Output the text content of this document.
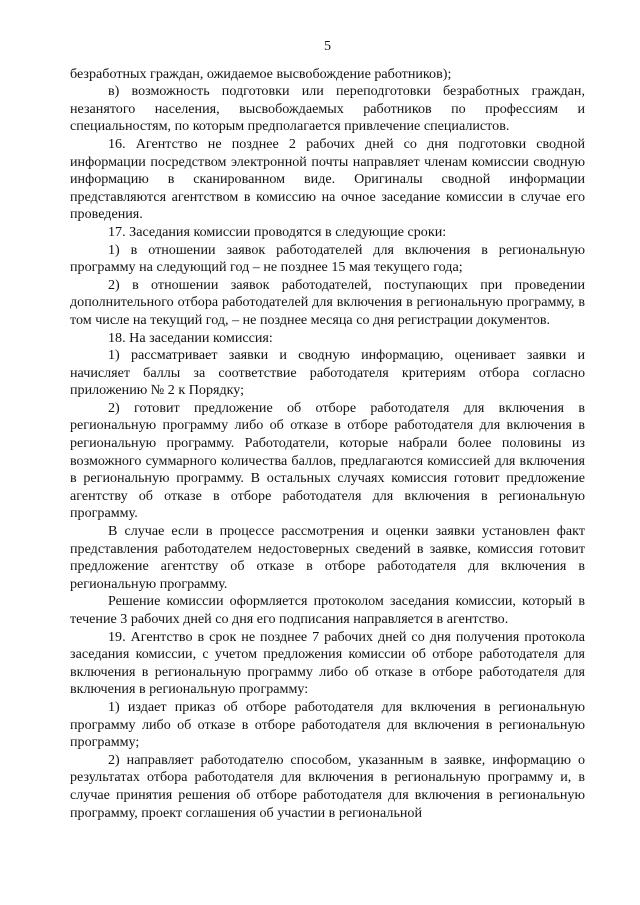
5

безработных граждан, ожидаемое высвобождение работников);

в) возможность подготовки или переподготовки безработных граждан, незанятого населения, высвобождаемых работников по профессиям и специальностям, по которым предполагается привлечение специалистов.

16. Агентство не позднее 2 рабочих дней со дня подготовки сводной информации посредством электронной почты направляет членам комиссии сводную информацию в сканированном виде. Оригиналы сводной информации представляются агентством в комиссию на очное заседание комиссии в случае его проведения.

17. Заседания комиссии проводятся в следующие сроки:

1) в отношении заявок работодателей для включения в региональную программу на следующий год – не позднее 15 мая текущего года;

2) в отношении заявок работодателей, поступающих при проведении дополнительного отбора работодателей для включения в региональную программу, в том числе на текущий год, – не позднее месяца со дня регистрации документов.

18. На заседании комиссия:

1) рассматривает заявки и сводную информацию, оценивает заявки и начисляет баллы за соответствие работодателя критериям отбора согласно приложению № 2 к Порядку;

2) готовит предложение об отборе работодателя для включения в региональную программу либо об отказе в отборе работодателя для включения в региональную программу. Работодатели, которые набрали более половины из возможного суммарного количества баллов, предлагаются комиссией для включения в региональную программу. В остальных случаях комиссия готовит предложение агентству об отказе в отборе работодателя для включения в региональную программу.

В случае если в процессе рассмотрения и оценки заявки установлен факт представления работодателем недостоверных сведений в заявке, комиссия готовит предложение агентству об отказе в отборе работодателя для включения в региональную программу.

Решение комиссии оформляется протоколом заседания комиссии, который в течение 3 рабочих дней со дня его подписания направляется в агентство.

19. Агентство в срок не позднее 7 рабочих дней со дня получения протокола заседания комиссии, с учетом предложения комиссии об отборе работодателя для включения в региональную программу либо об отказе в отборе работодателя для включения в региональную программу:

1) издает приказ об отборе работодателя для включения в региональную программу либо об отказе в отборе работодателя для включения в региональную программу;

2) направляет работодателю способом, указанным в заявке, информацию о результатах отбора работодателя для включения в региональную программу и, в случае принятия решения об отборе работодателя для включения в региональную программу, проект соглашения об участии в региональной
